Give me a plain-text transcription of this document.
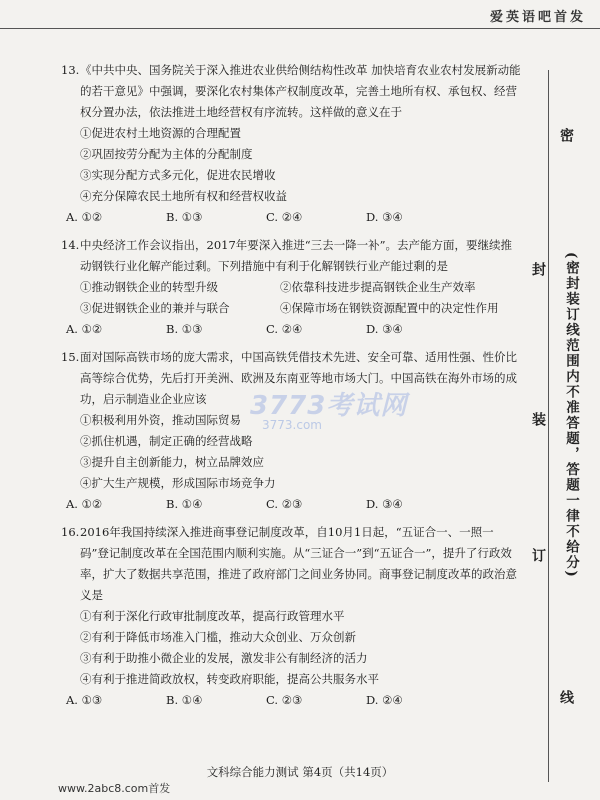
爱英语吧首发
13. 《中共中央、国务院关于深入推进农业供给侧结构性改革 加快培育农业农村发展新动能的若干意见》中强调，要深化农村集体产权制度改革，完善土地所有权、承包权、经营权分置办法，依法推进土地经营权有序流转。这样做的意义在于
①促进农村土地资源的合理配置
②巩固按劳分配为主体的分配制度
③实现分配方式多元化，促进农民增收
④充分保障农民土地所有权和经营权收益
A. ①②	B. ①③	C. ②④	D. ③④
14. 中央经济工作会议指出，2017年要深入推进“三去一降一补”。去产能方面，要继续推动钢铁行业化解产能过剩。下列措施中有利于化解钢铁行业产能过剩的是
①推动钢铁企业的转型升级	②依靠科技进步提高钢铁企业生产效率
③促进钢铁企业的兼并与联合	④保障市场在钢铁资源配置中的决定性作用
A. ①②	B. ①③	C. ②④	D. ③④
15. 面对国际高铁市场的庞大需求，中国高铁凭借技术先进、安全可靠、适用性强、性价比高等综合优势，先后打开美洲、欧洲及东南亚等地市场大门。中国高铁在海外市场的成功，启示制造业企业应该
①积极利用外资，推动国际贸易
②抓住机遇，制定正确的经营战略
③提升自主创新能力，树立品牌效应
④扩大生产规模，形成国际市场竞争力
A. ①②	B. ①④	C. ②③	D. ③④
16. 2016年我国持续深入推进商事登记制度改革，自10月1日起，“五证合一、一照一码”登记制度改革在全国范围内顺利实施。从“三证合一”到“五证合一”，提升了行政效率，扩大了数据共享范围，推进了政府部门之间业务协同。商事登记制度改革的政治意义是
①有利于深化行政审批制度改革，提高行政管理水平
②有利于降低市场准入门槛，推动大众创业、万众创新
③有利于助推小微企业的发展，激发非公有制经济的活力
④有利于推进简政放权，转变政府职能，提高公共服务水平
A. ①③	B. ①④	C. ②③	D. ②④
3773考试网
3773.com
密
封
装
订
线
(密封装订线范围内不准答题，答题一律不给分)
文科综合能力测试 第4页（共14页）
www.2abc8.com首发
